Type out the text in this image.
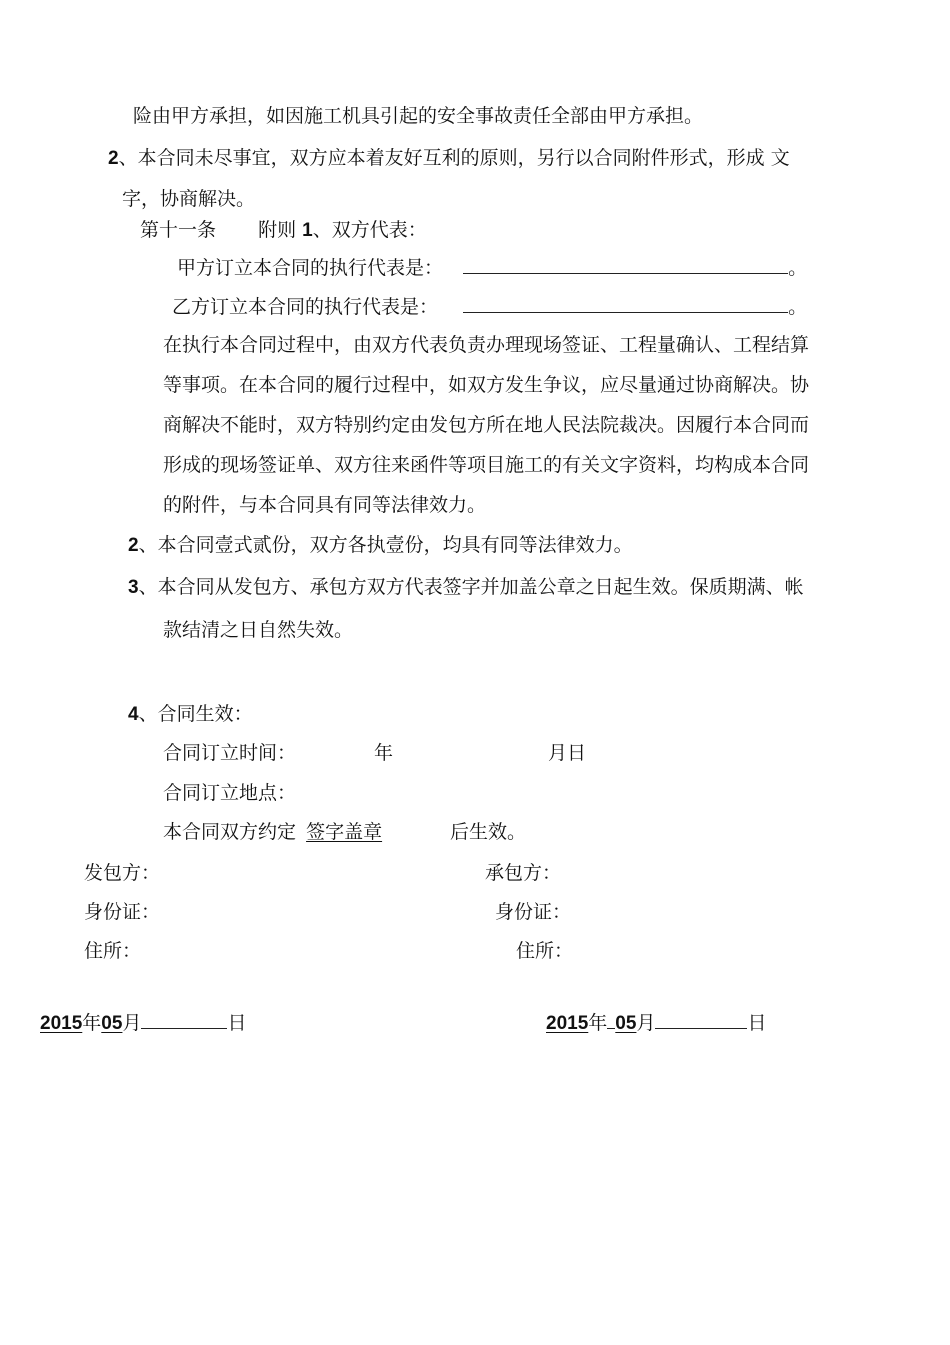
险由甲方承担，如因施工机具引起的安全事故责任全部由甲方承担。
2、本合同未尽事宜，双方应本着友好互利的原则，另行以合同附件形式，形成 文
字，协商解决。
第十一条 附则 1、双方代表：
甲方订立本合同的执行代表是：	。
乙方订立本合同的执行代表是：	。
在执行本合同过程中，由双方代表负责办理现场签证、工程量确认、工程结算
等事项。在本合同的履行过程中，如双方发生争议，应尽量通过协商解决。协
商解决不能时，双方特别约定由发包方所在地人民法院裁决。因履行本合同而
形成的现场签证单、双方往来函件等项目施工的有关文字资料，均构成本合同
的附件，与本合同具有同等法律效力。
2、本合同壹式贰份，双方各执壹份，均具有同等法律效力。
3、本合同从发包方、承包方双方代表签字并加盖公章之日起生效。保质期满、帐
款结清之日自然失效。
4、合同生效：
合同订立时间：	年	月日
合同订立地点：
本合同双方约定 签字盖章	后生效。
发包方：	承包方：
身份证：	身份证：
住所：	住所：
2015年05月	日	2015年 05月	日
